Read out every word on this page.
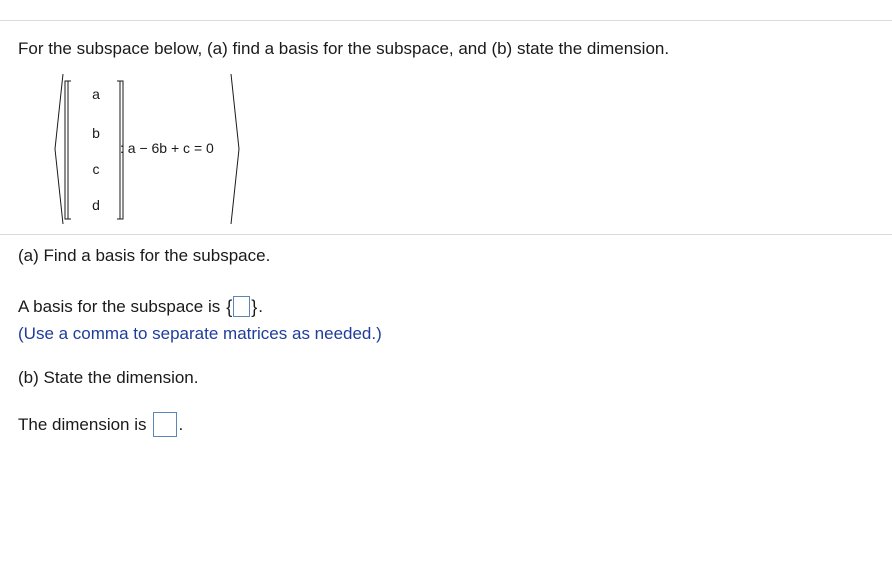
For the subspace below, (a) find a basis for the subspace, and (b) state the dimension.
a
b
c
d
: a − 6b + c = 0
(a) Find a basis for the subspace.
A basis for the subspace is { } .
(Use a comma to separate matrices as needed.)
(b) State the dimension.
The dimension is .
